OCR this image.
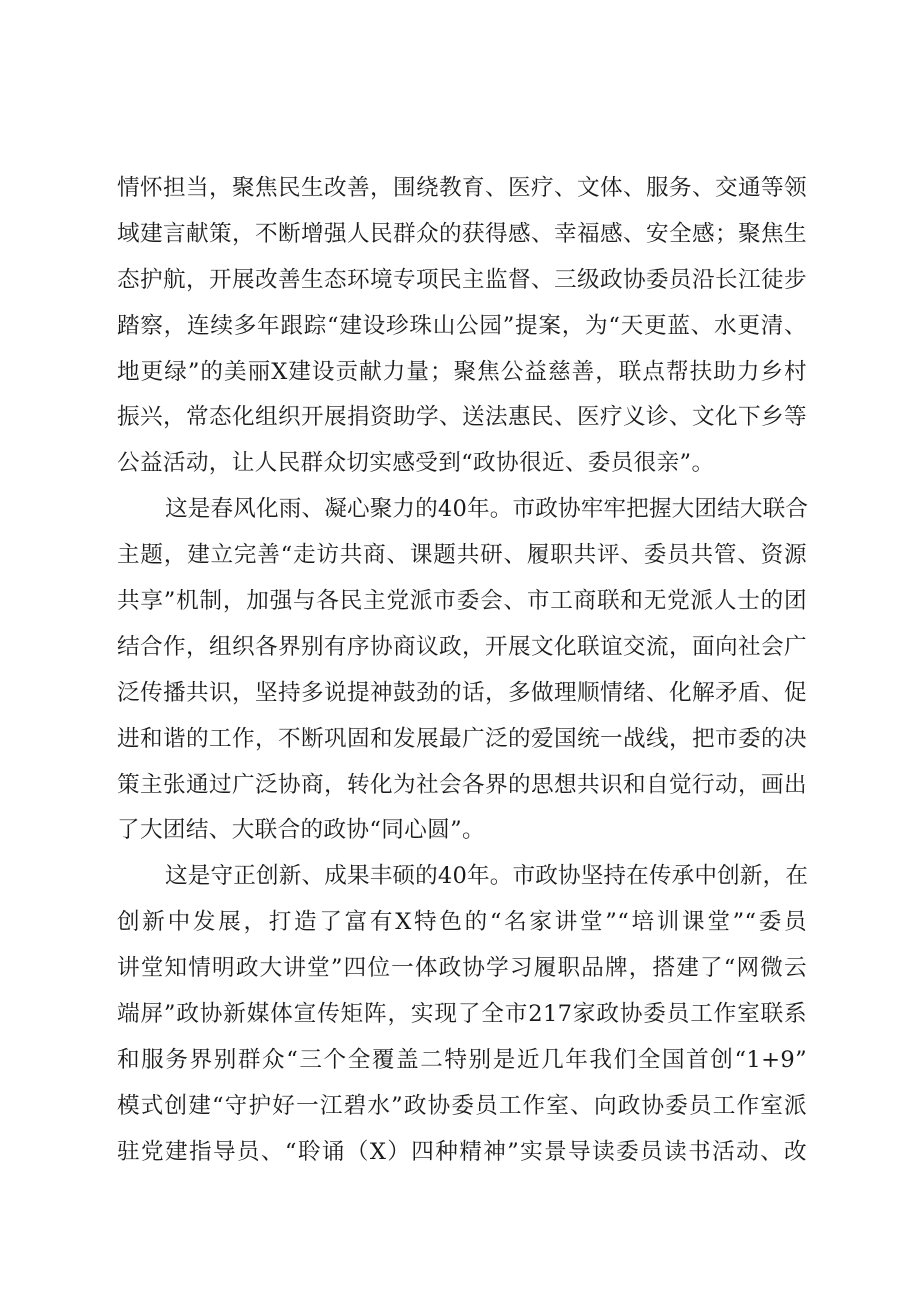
情怀担当，聚焦民生改善，围绕教育、医疗、文体、服务、交通等领
域建言献策，不断增强人民群众的获得感、幸福感、安全感；聚焦生
态护航，开展改善生态环境专项民主监督、三级政协委员沿长江徒步
踏察，连续多年跟踪“建设珍珠山公园”提案，为“天更蓝、水更清、
地更绿”的美丽X建设贡献力量；聚焦公益慈善，联点帮扶助力乡村
振兴，常态化组织开展捐资助学、送法惠民、医疗义诊、文化下乡等
公益活动，让人民群众切实感受到“政协很近、委员很亲”。
这是春风化雨、凝心聚力的40年。市政协牢牢把握大团结大联合
主题，建立完善“走访共商、课题共研、履职共评、委员共管、资源
共享”机制，加强与各民主党派市委会、市工商联和无党派人士的团
结合作，组织各界别有序协商议政，开展文化联谊交流，面向社会广
泛传播共识，坚持多说提神鼓劲的话，多做理顺情绪、化解矛盾、促
进和谐的工作，不断巩固和发展最广泛的爱国统一战线，把市委的决
策主张通过广泛协商，转化为社会各界的思想共识和自觉行动，画出
了大团结、大联合的政协“同心圆”。
这是守正创新、成果丰硕的40年。市政协坚持在传承中创新，在
创新中发展，打造了富有X特色的“名家讲堂”“培训课堂”“委员
讲堂知情明政大讲堂”四位一体政协学习履职品牌，搭建了“网微云
端屏”政协新媒体宣传矩阵，实现了全市217家政协委员工作室联系
和服务界别群众“三个全覆盖二特别是近几年我们全国首创“1+9”
模式创建“守护好一江碧水”政协委员工作室、向政协委员工作室派
驻党建指导员、“聆诵（X）四种精神”实景导读委员读书活动、改
